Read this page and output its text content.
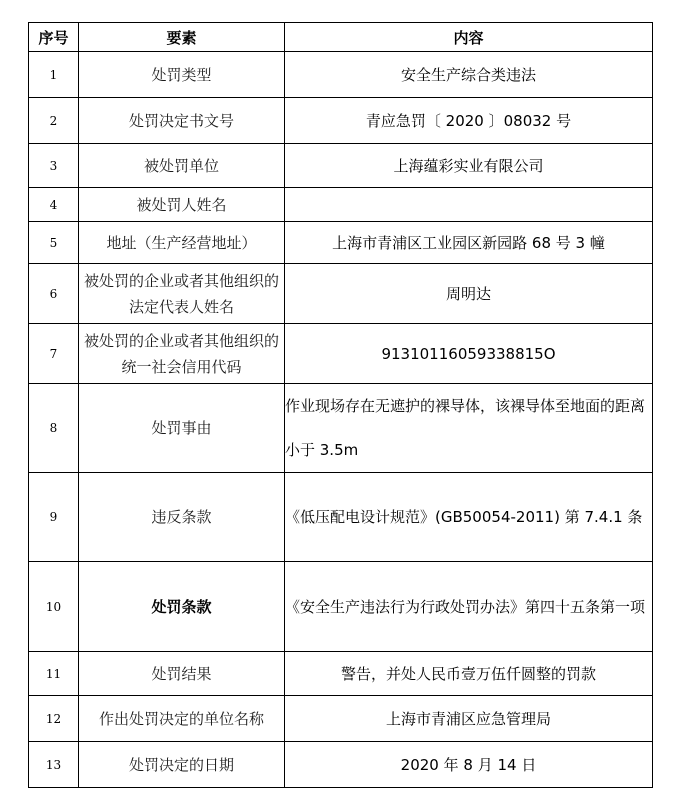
序号	要素	内容
1	处罚类型	安全生产综合类违法
2	处罚决定书文号	青应急罚〔 2020 〕08032 号
3	被处罚单位	上海蕴彩实业有限公司
4	被处罚人姓名	
5	地址（生产经营地址）	上海市青浦区工业园区新园路 68 号 3 幢
6	被处罚的企业或者其他组织的法定代表人姓名	周明达
7	被处罚的企业或者其他组织的统一社会信用代码	91310116059338815O
8	处罚事由	作业现场存在无遮护的裸导体，该裸导体至地面的距离小于 3.5m
9	违反条款	《低压配电设计规范》(GB50054-2011) 第 7.4.1 条
10	处罚条款	《安全生产违法行为行政处罚办法》第四十五条第一项
11	处罚结果	警告，并处人民币壹万伍仟圆整的罚款
12	作出处罚决定的单位名称	上海市青浦区应急管理局
13	处罚决定的日期	2020 年 8 月 14 日
